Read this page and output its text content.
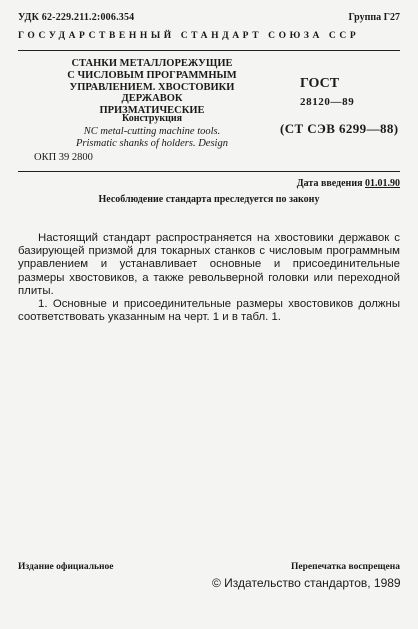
УДК 62-229.211.2:006.354	Группа Г27
ГОСУДАРСТВЕННЫЙ СТАНДАРТ СОЮЗА ССР
СТАНКИ МЕТАЛЛОРЕЖУЩИЕ
С ЧИСЛОВЫМ ПРОГРАММНЫМ
УПРАВЛЕНИЕМ. ХВОСТОВИКИ ДЕРЖАВОК
ПРИЗМАТИЧЕСКИЕ
Конструкция
NC metal-cutting machine tools.
Prismatic shanks of holders. Design
ОКП 39 2800
ГОСТ
28120—89
(СТ СЭВ 6299—88)
Дата введения 01.01.90
Несоблюдение стандарта преследуется по закону

Настоящий стандарт распространяется на хвостовики державок с базирующей призмой для токарных станков с числовым программным управлением и устанавливает основные и присоединительные размеры хвостовиков, а также револьверной головки или переходной плиты.

1. Основные и присоединительные размеры хвостовиков должны соответствовать указанным на черт. 1 и в табл. 1.

Издание официальное	Перепечатка воспрещена
© Издательство стандартов, 1989
